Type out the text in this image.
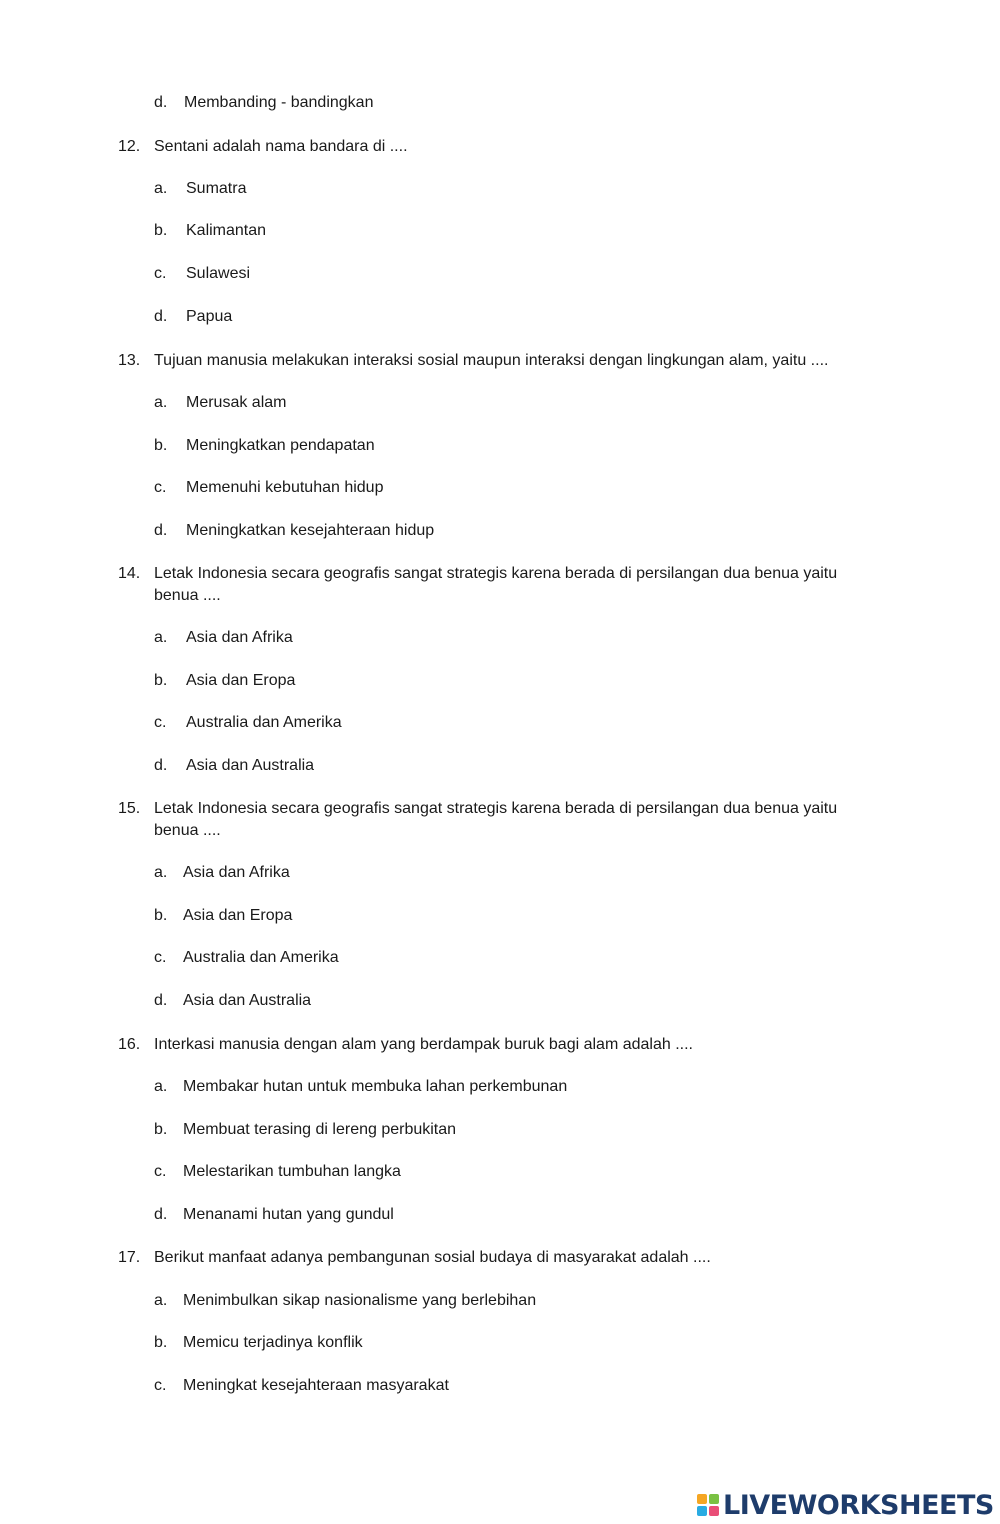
d. Membanding - bandingkan
12. Sentani adalah nama bandara di ....
a. Sumatra
b. Kalimantan
c. Sulawesi
d. Papua
13. Tujuan manusia melakukan interaksi sosial maupun interaksi dengan lingkungan alam, yaitu ....
a. Merusak alam
b. Meningkatkan pendapatan
c. Memenuhi kebutuhan hidup
d. Meningkatkan kesejahteraan hidup
14. Letak Indonesia secara geografis sangat strategis karena berada di persilangan dua benua yaitu benua ....
a. Asia dan Afrika
b. Asia dan Eropa
c. Australia dan Amerika
d. Asia dan Australia
15. Letak Indonesia secara geografis sangat strategis karena berada di persilangan dua benua yaitu benua ....
a. Asia dan Afrika
b. Asia dan Eropa
c. Australia dan Amerika
d. Asia dan Australia
16. Interkasi manusia dengan alam yang berdampak buruk bagi alam adalah ....
a. Membakar hutan untuk membuka lahan perkembunan
b. Membuat terasing di lereng perbukitan
c. Melestarikan tumbuhan langka
d. Menanami hutan yang gundul
17. Berikut manfaat adanya pembangunan sosial budaya di masyarakat adalah ....
a. Menimbulkan sikap nasionalisme yang berlebihan
b. Memicu terjadinya konflik
c. Meningkat kesejahteraan masyarakat
LIVEWORKSHEETS
